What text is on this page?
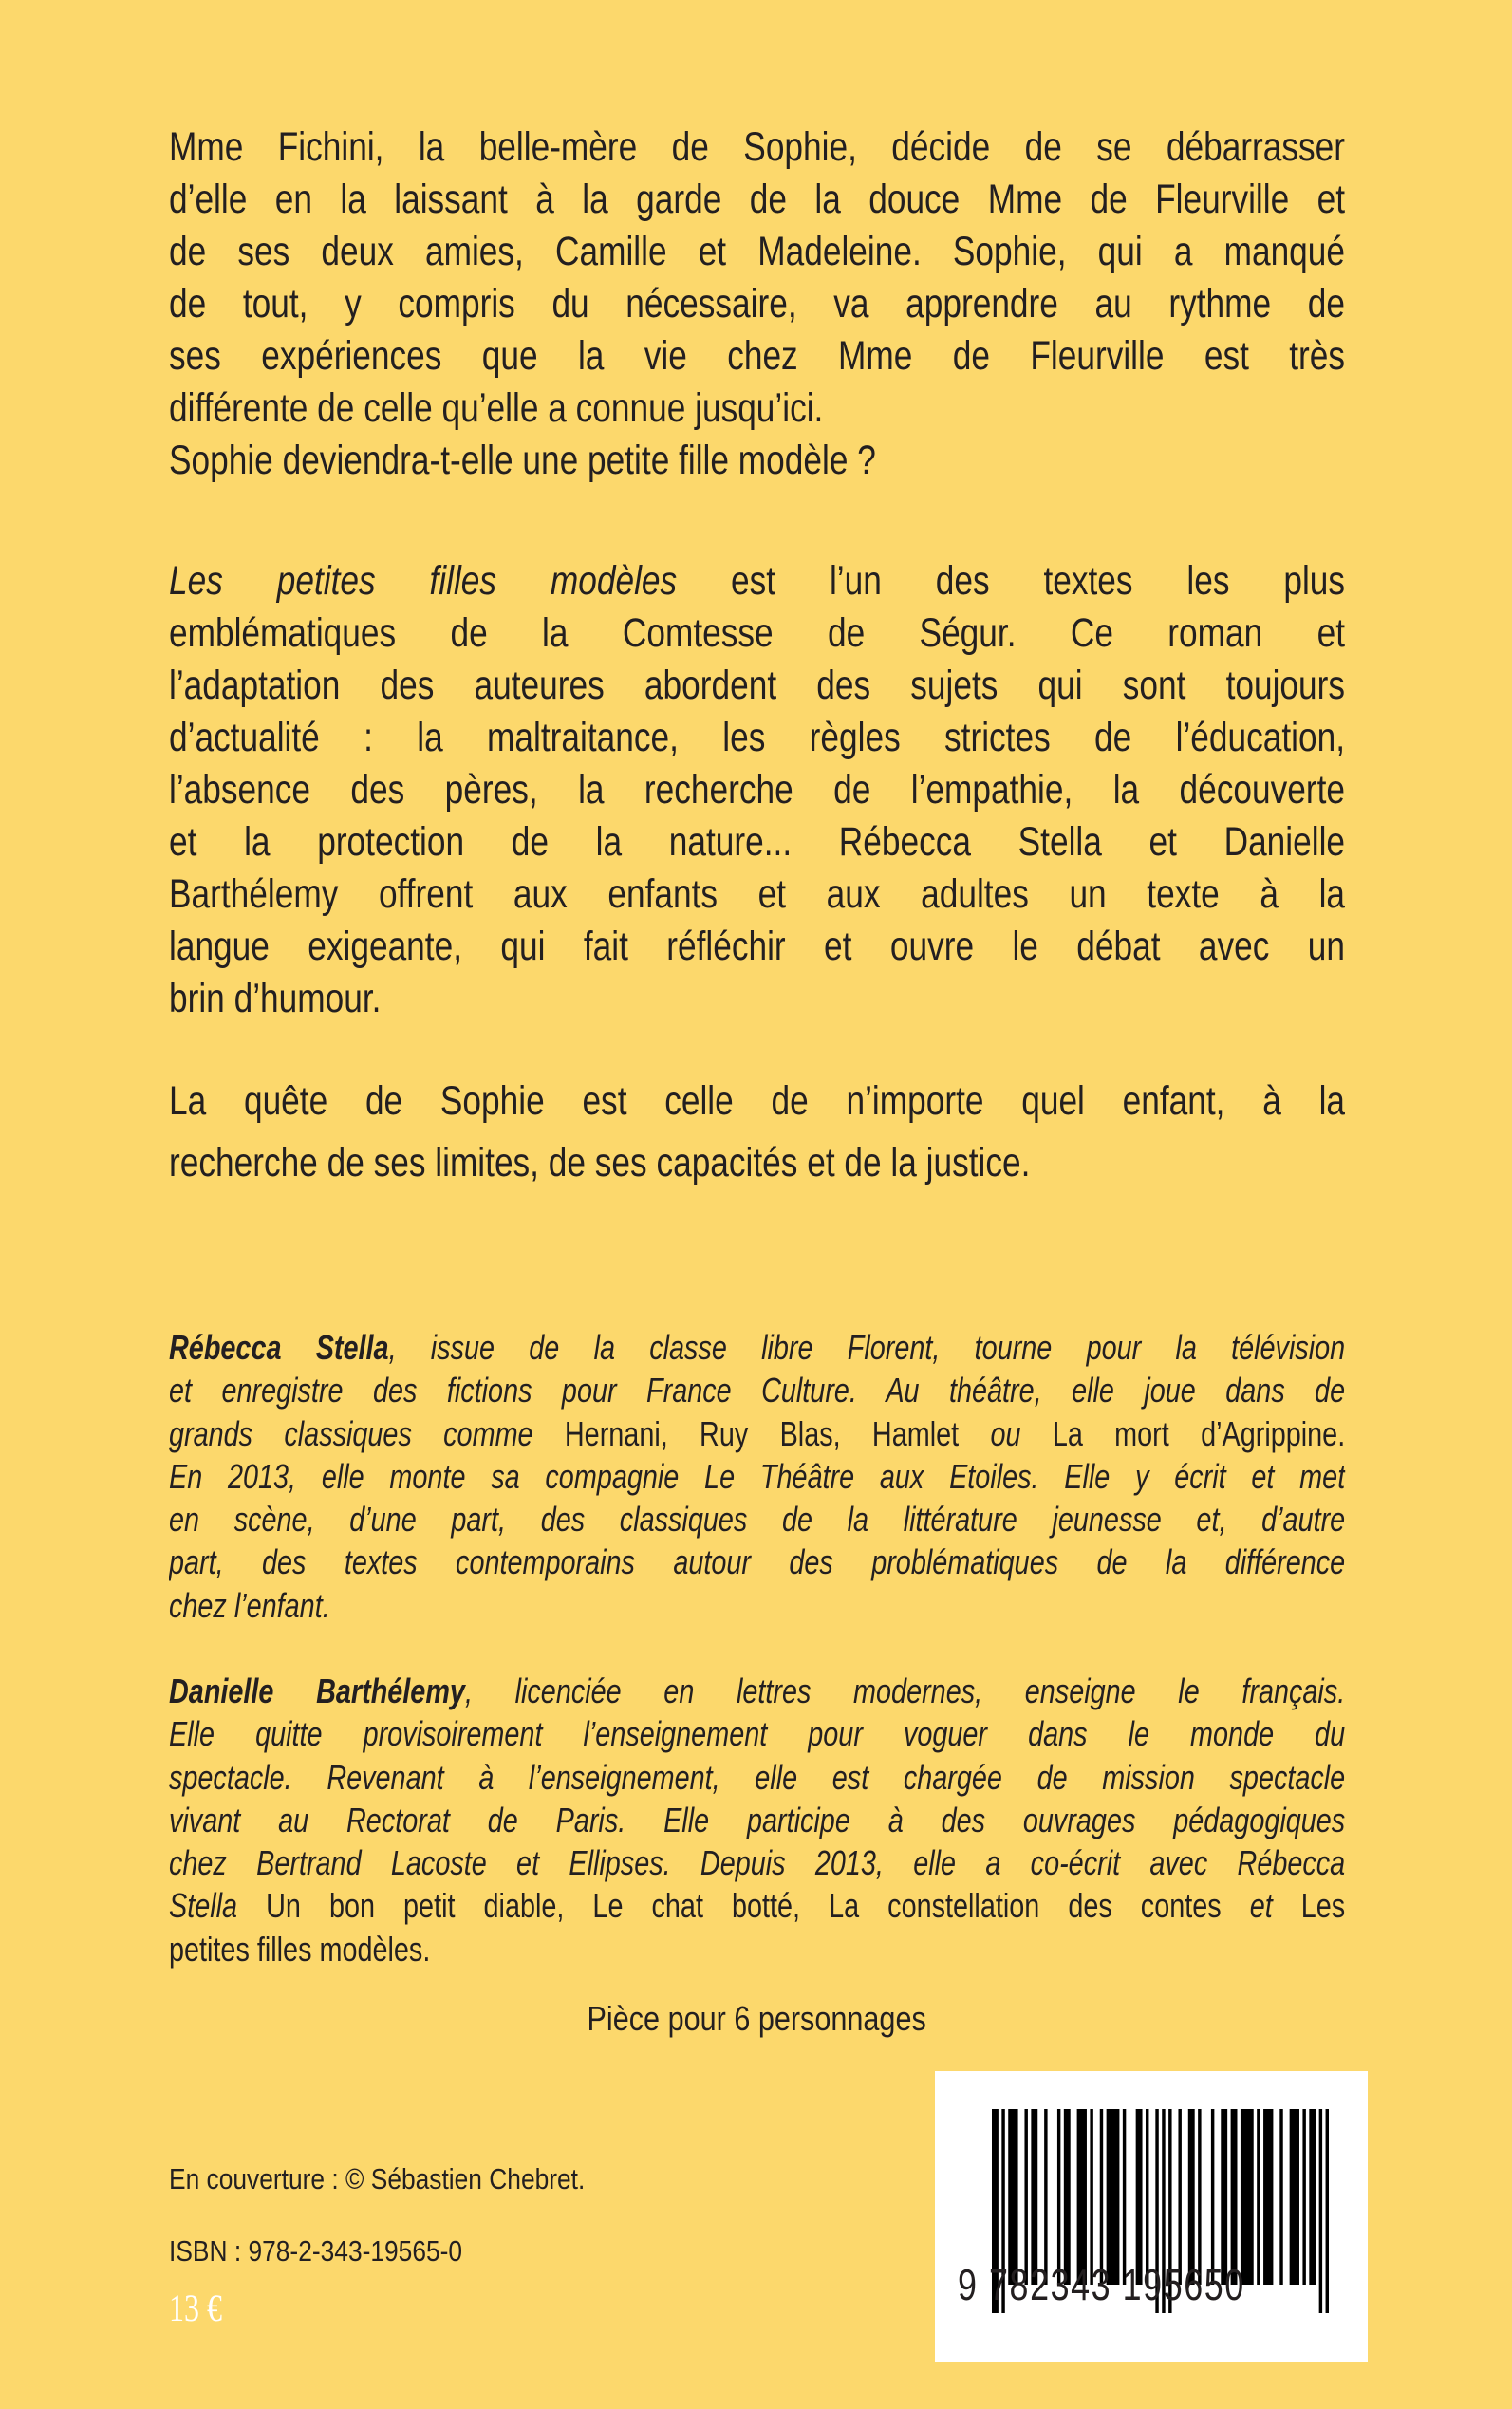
Mme Fichini, la belle-mère de Sophie, décide de se débarrasser
d’elle en la laissant à la garde de la douce Mme de Fleurville et
de ses deux amies, Camille et Madeleine. Sophie, qui a manqué
de tout, y compris du nécessaire, va apprendre au rythme de
ses expériences que la vie chez Mme de Fleurville est très
différente de celle qu’elle a connue jusqu’ici.
Sophie deviendra-t-elle une petite fille modèle ?
Les petites filles modèles est l’un des textes les plus
emblématiques de la Comtesse de Ségur. Ce roman et
l’adaptation des auteures abordent des sujets qui sont toujours
d’actualité : la maltraitance, les règles strictes de l’éducation,
l’absence des pères, la recherche de l’empathie, la découverte
et la protection de la nature... Rébecca Stella et Danielle
Barthélemy offrent aux enfants et aux adultes un texte à la
langue exigeante, qui fait réfléchir et ouvre le débat avec un
brin d’humour.
La quête de Sophie est celle de n’importe quel enfant, à la
recherche de ses limites, de ses capacités et de la justice.
Rébecca Stella, issue de la classe libre Florent, tourne pour la télévision
et enregistre des fictions pour France Culture. Au théâtre, elle joue dans de
grands classiques comme Hernani, Ruy Blas, Hamlet ou La mort d’Agrippine.
En 2013, elle monte sa compagnie Le Théâtre aux Etoiles. Elle y écrit et met
en scène, d’une part, des classiques de la littérature jeunesse et, d’autre
part, des textes contemporains autour des problématiques de la différence
chez l’enfant.
Danielle Barthélemy, licenciée en lettres modernes, enseigne le français.
Elle quitte provisoirement l’enseignement pour voguer dans le monde du
spectacle. Revenant à l’enseignement, elle est chargée de mission spectacle
vivant au Rectorat de Paris. Elle participe à des ouvrages pédagogiques
chez Bertrand Lacoste et Ellipses. Depuis 2013, elle a co-écrit avec Rébecca
Stella Un bon petit diable, Le chat botté, La constellation des contes et Les
petites filles modèles.
Pièce pour 6 personnages
En couverture : © Sébastien Chebret.
ISBN : 978-2-343-19565-0
13 €	9 782343 195650
